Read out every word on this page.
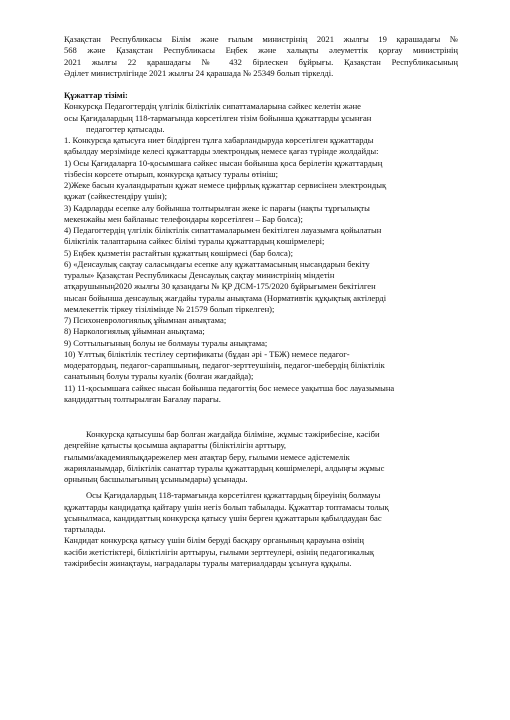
Қазақстан Республикасы Білім және ғылым министрінің 2021 жылғы 19 қарашадағы №
568 және Қазақстан Республикасы Еңбек және халықты әлеуметтік қорғау министрінің
2021 жылғы 22 қарашадағы № 432 бірлескен бұйрығы. Қазақстан Республикасының
Әділет министрлігінде 2021 жылғы 24 қарашада № 25349 болып тіркелді.

Құжаттар тізімі:

Конкурсқа Педагогтердің үлгілік біліктілік сипаттамаларына сәйкес келетін және
осы Қағидалардың 118-тармағында көрсетілген тізім бойынша құжаттарды ұсынған
педагогтер қатысады.
1. Конкурсқа қатысуға ниет білдірген тұлға хабарландыруда көрсетілген құжаттарды
қабылдау мерзімінде келесі құжаттарды электрондық немесе қағаз түрінде жолдайды:
1) Осы Қағидаларға 10-қосымшаға сәйкес нысан бойынша қоса берілетін құжаттардың
тізбесін көрсете отырып, конкурсқа қатысу туралы өтініш;
2)Жеке басын куәландыратын құжат немесе цифрлық құжаттар сервисінен электрондық
құжат (сәйкестендіру үшін);
3) Кадрларды есепке алу бойынша толтырылған жеке іс парағы (нақты тұрғылықты
мекенжайы мен байланыс телефондары көрсетілген – Бар болса);
4) Педагогтердің үлгілік біліктілік сипаттамаларымен бекітілген лауазымға қойылатын
біліктілік талаптарына сәйкес білімі туралы құжаттардың көшірмелері;
5) Еңбек қызметін растайтын құжаттың көшірмесі (бар болса);
6) «Денсаулық сақтау саласындағы есепке алу құжаттамасының нысандарын бекіту
туралы» Қазақстан Республикасы Денсаулық сақтау министрінің міндетін
атқарушының2020 жылғы 30 қазандағы № ҚР ДСМ-175/2020 бұйрығымен бекітілген
нысан бойынша денсаулық жағдайы туралы анықтама (Нормативтік құқықтық актілерді
мемлекеттік тіркеу тізілімінде № 21579 болып тіркелген);
7) Психоневрологиялық ұйымнан анықтама;
8) Наркологиялық ұйымнан анықтама;
9) Соттылығының болуы не болмауы туралы анықтама;
10) Ұлттық біліктілік тестілеу сертификаты (бұдан әрі - ТБЖ) немесе педагог-
модератордың, педагог-сарапшының, педагог-зерттеушінің, педагог-шебердің біліктілік
санатының болуы туралы куәлік (болған жағдайда);
11) 11-қосымшаға сәйкес нысан бойынша педагогтің бос немесе уақытша бос лауазымына
кандидаттың толтырылған Бағалау парағы.
Конкурсқа қатысушы бар болған жағдайда біліміне, жұмыс тәжірибесіне, кәсіби
деңгейіне қатысты қосымша ақпаратты (біліктілігін арттыру,
ғылыми/академиялықдәрежелер мен атақтар беру, ғылыми немесе әдістемелік
жарияланымдар, біліктілік санаттар туралы құжаттардың көшірмелері, алдыңғы жұмыс
орнының басшылығының ұсынымдары) ұсынады.
Осы Қағидалардың 118-тармағында көрсетілген құжаттардың біреуінің болмауы
құжаттарды кандидатқа қайтару үшін негіз болып табылады. Құжаттар топтамасы толық
ұсынылмаса, кандидаттың конкурсқа қатысу үшін берген құжаттарын қабылдаудан бас
тартылады.
Кандидат конкурсқа қатысу үшін білім беруді басқару органының қарауына өзінің
кәсіби жетістіктері, біліктілігін арттыруы, ғылыми зерттеулері, өзінің педагогикалық
тәжірибесін жинақтауы, наградалары туралы материалдарды ұсынуға құқылы.
